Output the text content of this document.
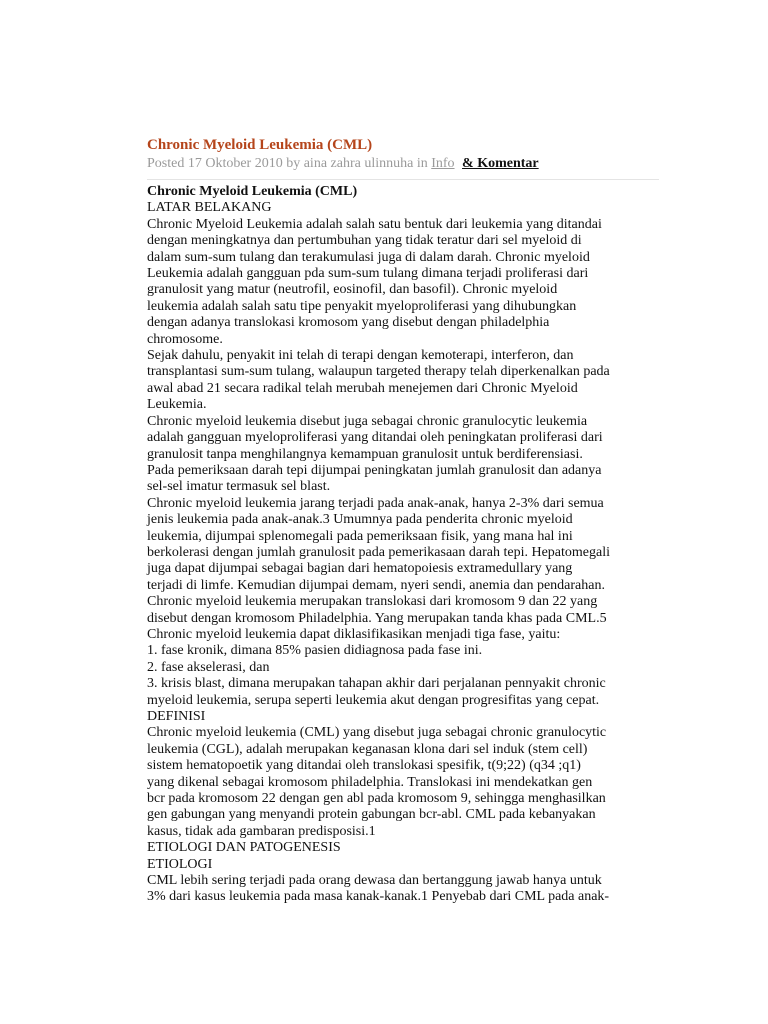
Chronic Myeloid Leukemia (CML)
Posted 17 Oktober 2010 by aina zahra ulinnuha in Info & Komentar
Chronic Myeloid Leukemia (CML)
LATAR BELAKANG
Chronic Myeloid Leukemia adalah salah satu bentuk dari leukemia yang ditandai
dengan meningkatnya dan pertumbuhan yang tidak teratur dari sel myeloid di
dalam sum-sum tulang dan terakumulasi juga di dalam darah. Chronic myeloid
Leukemia adalah gangguan pda sum-sum tulang dimana terjadi proliferasi dari
granulosit yang matur (neutrofil, eosinofil, dan basofil). Chronic myeloid
leukemia adalah salah satu tipe penyakit myeloproliferasi yang dihubungkan
dengan adanya translokasi kromosom yang disebut dengan philadelphia
chromosome.
Sejak dahulu, penyakit ini telah di terapi dengan kemoterapi, interferon, dan
transplantasi sum-sum tulang, walaupun targeted therapy telah diperkenalkan pada
awal abad 21 secara radikal telah merubah menejemen dari Chronic Myeloid
Leukemia.
Chronic myeloid leukemia disebut juga sebagai chronic granulocytic leukemia
adalah gangguan myeloproliferasi yang ditandai oleh peningkatan proliferasi dari
granulosit tanpa menghilangnya kemampuan granulosit untuk berdiferensiasi.
Pada pemeriksaan darah tepi dijumpai peningkatan jumlah granulosit dan adanya
sel-sel imatur termasuk sel blast.
Chronic myeloid leukemia jarang terjadi pada anak-anak, hanya 2-3% dari semua
jenis leukemia pada anak-anak.3 Umumnya pada penderita chronic myeloid
leukemia, dijumpai splenomegali pada pemeriksaan fisik, yang mana hal ini
berkolerasi dengan jumlah granulosit pada pemerikasaan darah tepi. Hepatomegali
juga dapat dijumpai sebagai bagian dari hematopoiesis extramedullary yang
terjadi di limfe. Kemudian dijumpai demam, nyeri sendi, anemia dan pendarahan.
Chronic myeloid leukemia merupakan translokasi dari kromosom 9 dan 22 yang
disebut dengan kromosom Philadelphia. Yang merupakan tanda khas pada CML.5
Chronic myeloid leukemia dapat diklasifikasikan menjadi tiga fase, yaitu:
1. fase kronik, dimana 85% pasien didiagnosa pada fase ini.
2. fase akselerasi, dan
3. krisis blast, dimana merupakan tahapan akhir dari perjalanan pennyakit chronic
myeloid leukemia, serupa seperti leukemia akut dengan progresifitas yang cepat.
DEFINISI
Chronic myeloid leukemia (CML) yang disebut juga sebagai chronic granulocytic
leukemia (CGL), adalah merupakan keganasan klona dari sel induk (stem cell)
sistem hematopoetik yang ditandai oleh translokasi spesifik, t(9;22) (q34 ;q1)
yang dikenal sebagai kromosom philadelphia. Translokasi ini mendekatkan gen
bcr pada kromosom 22 dengan gen abl pada kromosom 9, sehingga menghasilkan
gen gabungan yang menyandi protein gabungan bcr-abl. CML pada kebanyakan
kasus, tidak ada gambaran predisposisi.1
ETIOLOGI DAN PATOGENESIS
ETIOLOGI
CML lebih sering terjadi pada orang dewasa dan bertanggung jawab hanya untuk
3% dari kasus leukemia pada masa kanak-kanak.1 Penyebab dari CML pada anak-
